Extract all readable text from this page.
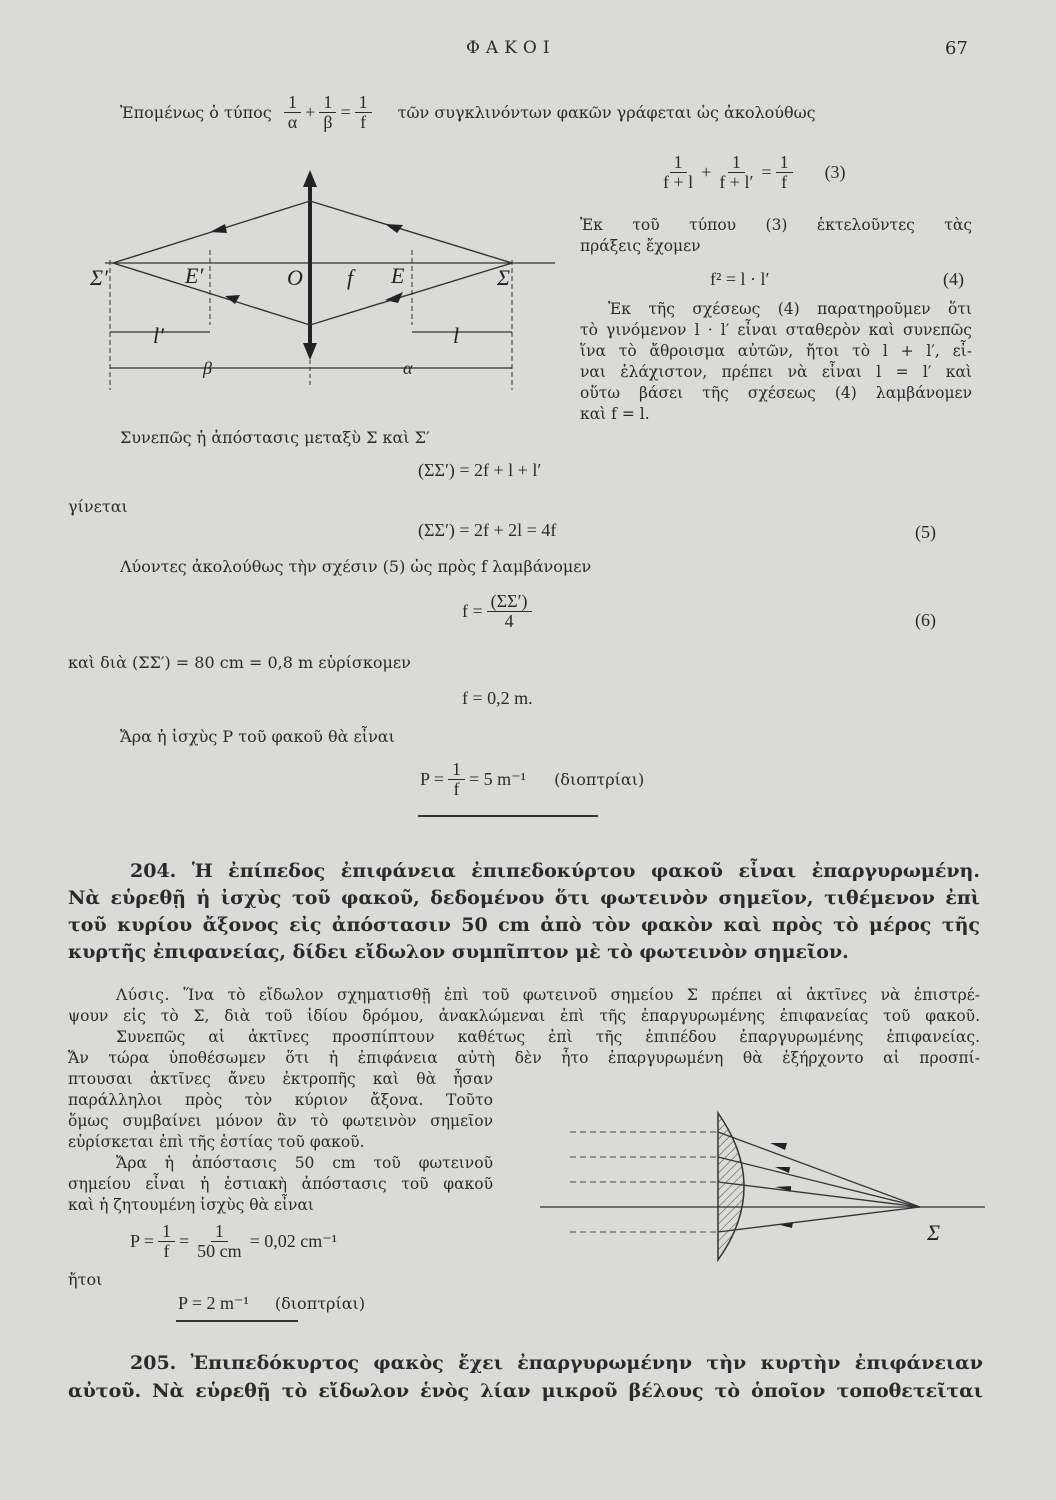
ΦΑΚΟΙ	67
Ἐπομένως ὁ τύπος $\frac{1}{\alpha} + \frac{1}{\beta} = \frac{1}{f}$ τῶν συγκλινόντων φακῶν γράφεται ὡς ἀκολούθως
$\frac{1}{f + l} + \frac{1}{f + l'} = \frac{1}{f} (3)$
Σ′	E′	O f E	Σ
l′	l
β	α
Ἐκ τοῦ τύπου (3) ἐκτελοῦντες τὰς
πράξεις ἔχομεν
f² = l · l′	(4)
Ἐκ τῆς σχέσεως (4) παρατηροῦμεν ὅτι
τὸ γινόμενον l · l′ εἶναι σταθερὸν καὶ συνεπῶς
ἵνα τὸ ἄθροισμα αὐτῶν, ἤτοι τὸ l + l′, εἶ-
ναι ἐλάχιστον, πρέπει νὰ εἶναι l = l′ καὶ
οὕτω βάσει τῆς σχέσεως (4) λαμβάνομεν
καὶ f = l.
Συνεπῶς ἡ ἀπόστασις μεταξὺ Σ καὶ Σ′
(ΣΣ′) = 2f + l + l′
γίνεται
(ΣΣ′) = 2f + 2l = 4f	(5)
Λύοντες ἀκολούθως τὴν σχέσιν (5) ὡς πρὸς f λαμβάνομεν
$f = \frac{(\Sigma\Sigma')}{4}$	(6)
καὶ διὰ (ΣΣ′) = 80 cm = 0,8 m εὑρίσκομεν
f = 0,2 m.
Ἄρα ἡ ἰσχὺς P τοῦ φακοῦ θὰ εἶναι
$P = \frac{1}{f} = 5$ m⁻¹ (διοπτρίαι)
204. Ἡ ἐπίπεδος ἐπιφάνεια ἐπιπεδοκύρτου φακοῦ εἶναι ἐπαργυρωμένη.
Νὰ εὑρεθῇ ἡ ἰσχὺς τοῦ φακοῦ, δεδομένου ὅτι φωτεινὸν σημεῖον, τιθέμενον ἐπὶ
τοῦ κυρίου ἄξονος εἰς ἀπόστασιν 50 cm ἀπὸ τὸν φακὸν καὶ πρὸς τὸ μέρος τῆς
κυρτῆς ἐπιφανείας, δίδει εἴδωλον συμπῖπτον μὲ τὸ φωτεινὸν σημεῖον.
Λύσις. Ἵνα τὸ εἴδωλον σχηματισθῇ ἐπὶ τοῦ φωτεινοῦ σημείου Σ πρέπει αἱ ἀκτῖνες νὰ ἐπιστρέ-
ψουν εἰς τὸ Σ, διὰ τοῦ ἰδίου δρόμου, ἀνακλώμεναι ἐπὶ τῆς ἐπαργυρωμένης ἐπιφανείας τοῦ φακοῦ.
Συνεπῶς αἱ ἀκτῖνες προσπίπτουν καθέτως ἐπὶ τῆς ἐπιπέδου ἐπαργυρωμένης ἐπιφανείας.
Ἄν τώρα ὑποθέσωμεν ὅτι ἡ ἐπιφάνεια αὐτὴ δὲν ἦτο ἐπαργυρωμένη θὰ ἐξήρχοντο αἱ προσπί-
πτουσαι ἀκτῖνες ἄνευ ἐκτροπῆς καὶ θὰ ἦσαν
παράλληλοι πρὸς τὸν κύριον ἄξονα. Τοῦτο
ὅμως συμβαίνει μόνον ἂν τὸ φωτεινὸν σημεῖον
εὑρίσκεται ἐπὶ τῆς ἑστίας τοῦ φακοῦ.
Ἄρα ἡ ἀπόστασις 50 cm τοῦ φωτεινοῦ
σημείου εἶναι ἡ ἑστιακὴ ἀπόστασις τοῦ φακοῦ
καὶ ἡ ζητουμένη ἰσχὺς θὰ εἶναι
$P = \frac{1}{f} = \frac{1}{50 cm} = 0,02$ cm⁻¹
ἤτοι
P = 2 m⁻¹ (διοπτρίαι)
Σ
205. Ἐπιπεδόκυρτος φακὸς ἔχει ἐπαργυρωμένην τὴν κυρτὴν ἐπιφάνειαν
αὐτοῦ. Νὰ εὑρεθῇ τὸ εἴδωλον ἑνὸς λίαν μικροῦ βέλους τὸ ὁποῖον τοποθετεῖται
